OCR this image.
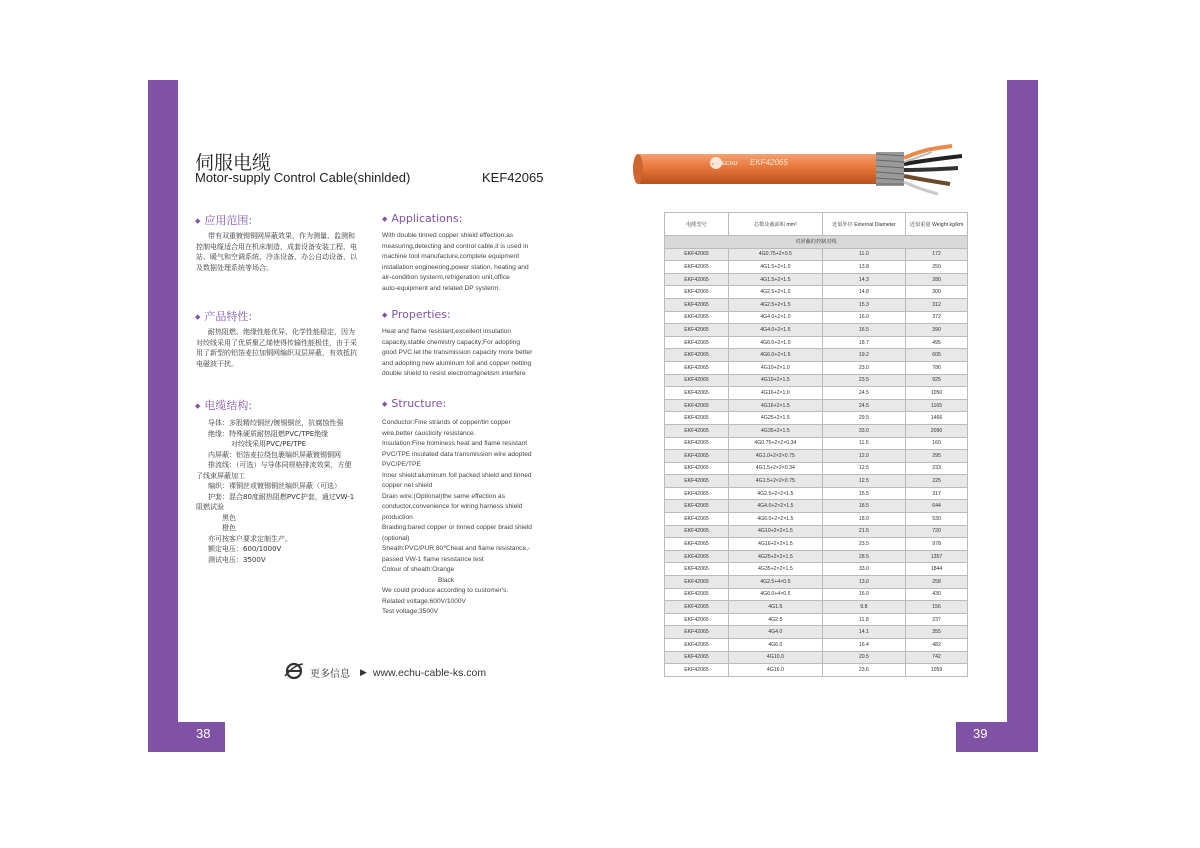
38	39
伺服电缆
Motor-supply Control Cable(shinlded)	KEF42065
◆ 应用范围:
带有双重镀锡铜网屏蔽效果，作为测量、监测和
控制电缆适合用在机床制造、成套设备安装工程、电
站、暖气和空调系统、冷冻设备、办公自动设备、以
及数据处理系统等场合。
◆ 产品特性:
耐热阻燃、绝缘性能优异、化学性能稳定，因为
对绞线采用了优质聚乙烯使得传输性能极佳，由于采
用了新型的铝箔麦拉加铜网编织双层屏蔽，有效抵抗
电磁波干扰。
◆ 电缆结构:
导体：多股精绞铜丝/镀锡铜丝，抗腐蚀性强
绝缘：特殊硬质耐热阻燃PVC/TPE绝缘
对绞线采用PVC/PE/TPE
内屏蔽：铝箔麦拉绕包裹编织屏蔽镀锡铜网
排流线：（可选）与导体同规格排流效果，方便
了线束屏蔽加工
编织：裸铜丝或镀锡铜丝编织屏蔽（可选）
护套：混合80度耐热阻燃PVC护套，通过VW-1
阻燃试验
黑色
橙色
亦可按客户要求定制生产。
额定电压：600/1000V
测试电压：3500V
◆ Applications:
With double tinned copper shield effection,as
measuring,detecting and control cable,it is used in
machine tool manufacture,complete equipment
installation engineering,power station, heating and
air-condition systerm,refrigeration unit,office
auto-equipment and related DP systerm.
◆ Properties:
Heat and flame resistant,excellent insulation
capacity,stable chemistry capacity;For adopting
good PVC let the transmission capacity more better
and adopting new aluminum foil and copper netting
double shield to resist electromagnetism interfere
◆ Structure:
Conductor:Fine strands of copper/tin copper
wire,better causticity resistance.
Insulation:Fine hominess heat and flame resistant
PVC/TPE insulated data transmission wire adopted
PVC/PE/TPE
Inner shield:aluminum foil packed shield and tinned
copper net shield
Drain wire:(Optional)the same effection as
conductor,convenience for wiring harness shield
production
Braiding:bared copper or tinned copper braid shield
(optional)
Sheath:PVC/PUR 80℃heat and flame resistance,-
passed VW-1 flame resistance test
Colour of sheath:Orange
Black
We could produce according to customer's.
Related voltage:600V/1000V
Test voltage:3500V
更多信息 ▶ www.echu-cable-ks.com
e ECHU EKF42065
电缆型号	芯数及截面积 mm²	近似外径 External Diameter	近似重量 Weight kg/km
对屏蔽的控制对线			
EKF42065	4G0.75+2×0.5	11.0	172
EKF42065	4G1.5+2×1.0	13.8	250
EKF42065	4G1.5+2×1.5	14.3	280
EKF42065	4G2.5+2×1.0	14.8	300
EKF42065	4G2.5+2×1.5	15.3	312
EKF42065	4G4.0+2×1.0	16.0	372
EKF42065	4G4.0+2×1.5	16.5	390
EKF42065	4G6.0+2×1.0	18.7	495
EKF42065	4G6.0+2×1.5	19.2	605
EKF42065	4G10+2×1.0	23.0	786
EKF42065	4G10+2×1.5	23.5	925
EKF42065	4G16+2×1.0	24.5	1050
EKF42065	4G16+2×1.5	24.5	1165
EKF42065	4G25+2×1.5	29.5	1466
EKF42065	4G35+2×1.5	33.0	2090
EKF42065	4G0.75+2×2×0.34	11.5	160
EKF42065	4G1.0+2×2×0.75	12.0	295
EKF42065	4G1.5+2×2×0.34	12.5	233
EKF42065	4G1.5+2×2×0.75	12.5	225
EKF42065	4G2.5+2×2×1.5	15.5	317
EKF42065	4G4.0+2×2×1.5	18.5	644
EKF42065	4G6.0+2×2×1.5	18.0	530
EKF42065	4G10+2×2×1.5	21.5	720
EKF42065	4G16+2×2×1.5	23.5	978
EKF42065	4G25+2×2×1.5	28.5	1357
EKF42065	4G35+2×2×1.5	33.0	1844
EKF42065	4G2.5+4×0.5	13.0	258
EKF42065	4G6.0+4×0.5	16.0	430
EKF42065	4G1.5	9.8	156
EKF42065	4G2.5	11.8	237
EKF42065	4G4.0	14.1	355
EKF42065	4G6.0	16.4	482
EKF42065	4G10.0	20.5	742
EKF42065	4G16.0	23.6	1059
